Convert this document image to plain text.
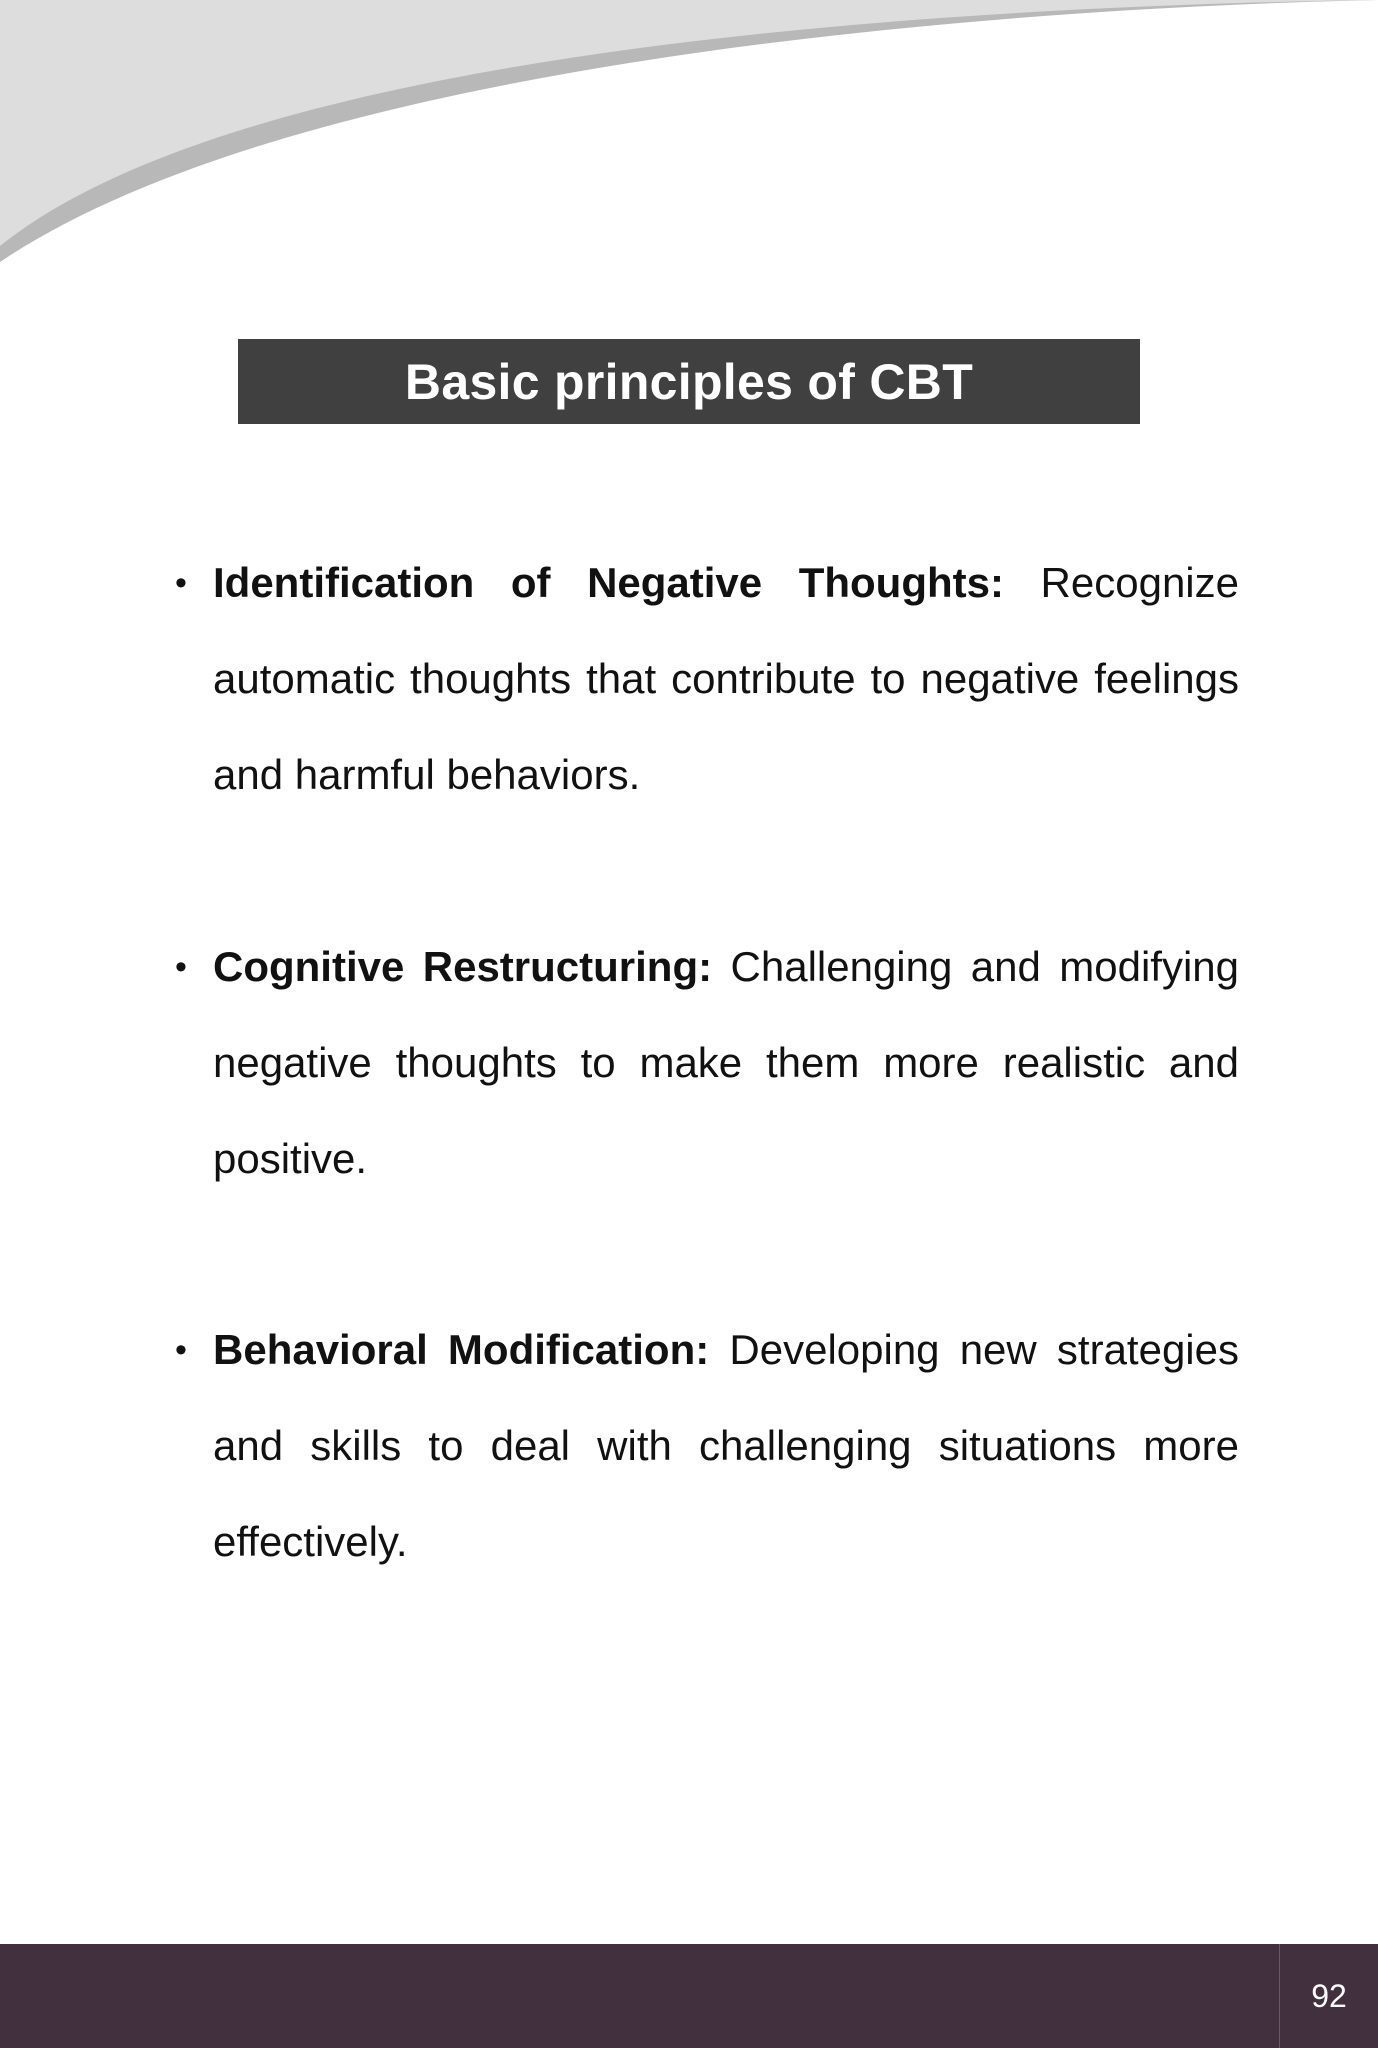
Basic principles of CBT
• Identification of Negative Thoughts: Recognize automatic thoughts that contribute to negative feelings and harmful behaviors.
• Cognitive Restructuring: Challenging and modifying negative thoughts to make them more realistic and positive.
• Behavioral Modification: Developing new strategies and skills to deal with challenging situations more effectively.
92
